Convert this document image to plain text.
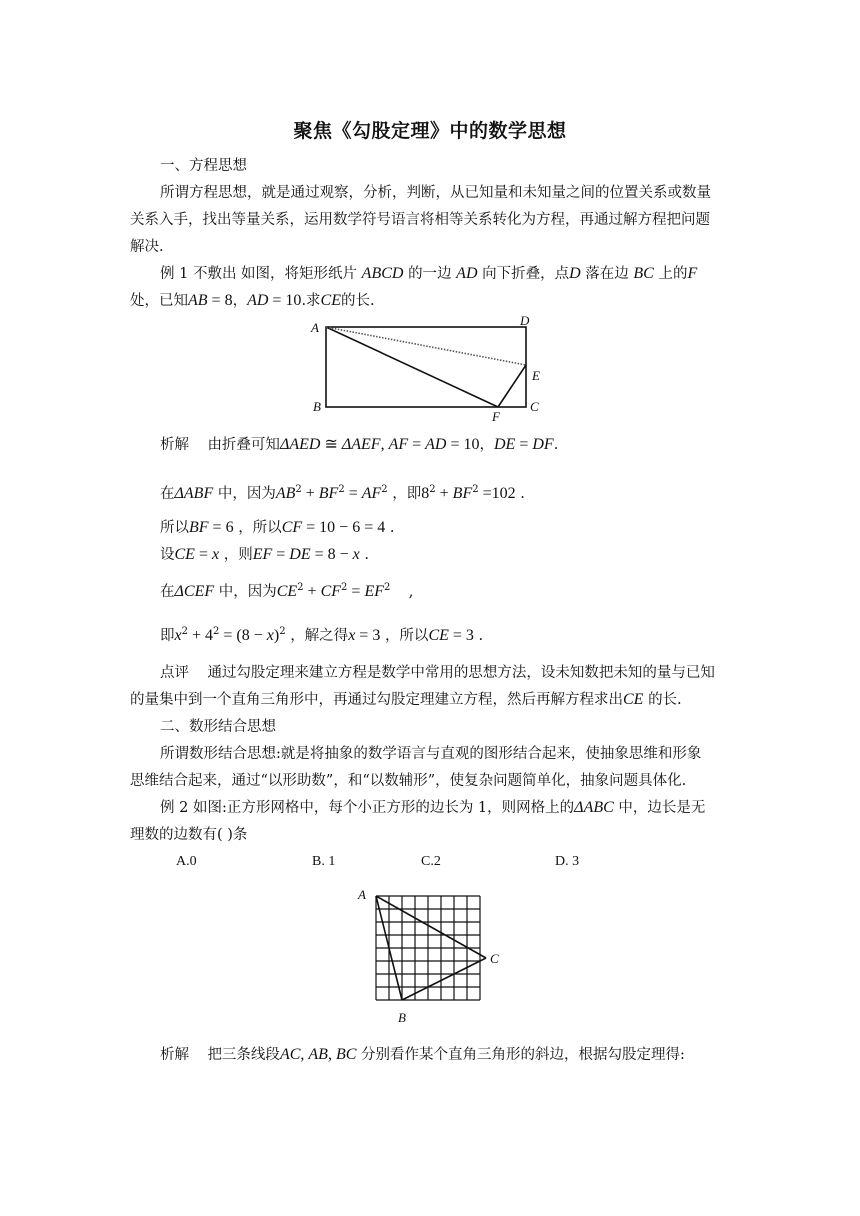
聚焦《勾股定理》中的数学思想
一、方程思想
所谓方程思想，就是通过观察，分析，判断，从已知量和未知量之间的位置关系或数量
关系入手，找出等量关系，运用数学符号语言将相等关系转化为方程，再通过解方程把问题
解决.
例 1 不敷出 如图，将矩形纸片 ABCD 的一边 AD 向下折叠，点D 落在边 BC 上的F
处，已知AB = 8，AD = 10.求CE的长.
A	D
E
B	C
F
析解 由折叠可知ΔAED ≅ ΔAEF, AF = AD = 10，DE = DF.
在ΔABF 中，因为$AB^2 + BF^2 = AF^2$ ，即$8^2 + BF^2 =102$ .
所以BF = 6 ，所以CF = 10 − 6 = 4 .
设CE = x ，则EF = DE = 8 − x .
在ΔCEF 中，因为$CE^2 + CF^2 = EF^2$    ,
即$x^2 + 4^2 = (8 - x)^2$ ，解之得x = 3 ，所以CE = 3 .
点评 通过勾股定理来建立方程是数学中常用的思想方法，设未知数把未知的量与已知
的量集中到一个直角三角形中，再通过勾股定理建立方程，然后再解方程求出CE 的长.
二、数形结合思想
所谓数形结合思想:就是将抽象的数学语言与直观的图形结合起来，使抽象思维和形象
思维结合起来，通过“以形助数”，和“以数辅形”，使复杂问题简单化，抽象问题具体化.
例 2 如图:正方形网格中，每个小正方形的边长为 1，则网格上的ΔABC 中，边长是无
理数的边数有( )条
A.0	B. 1	C.2	D. 3
A
C
B
析解 把三条线段AC, AB, BC 分别看作某个直角三角形的斜边，根据勾股定理得:
